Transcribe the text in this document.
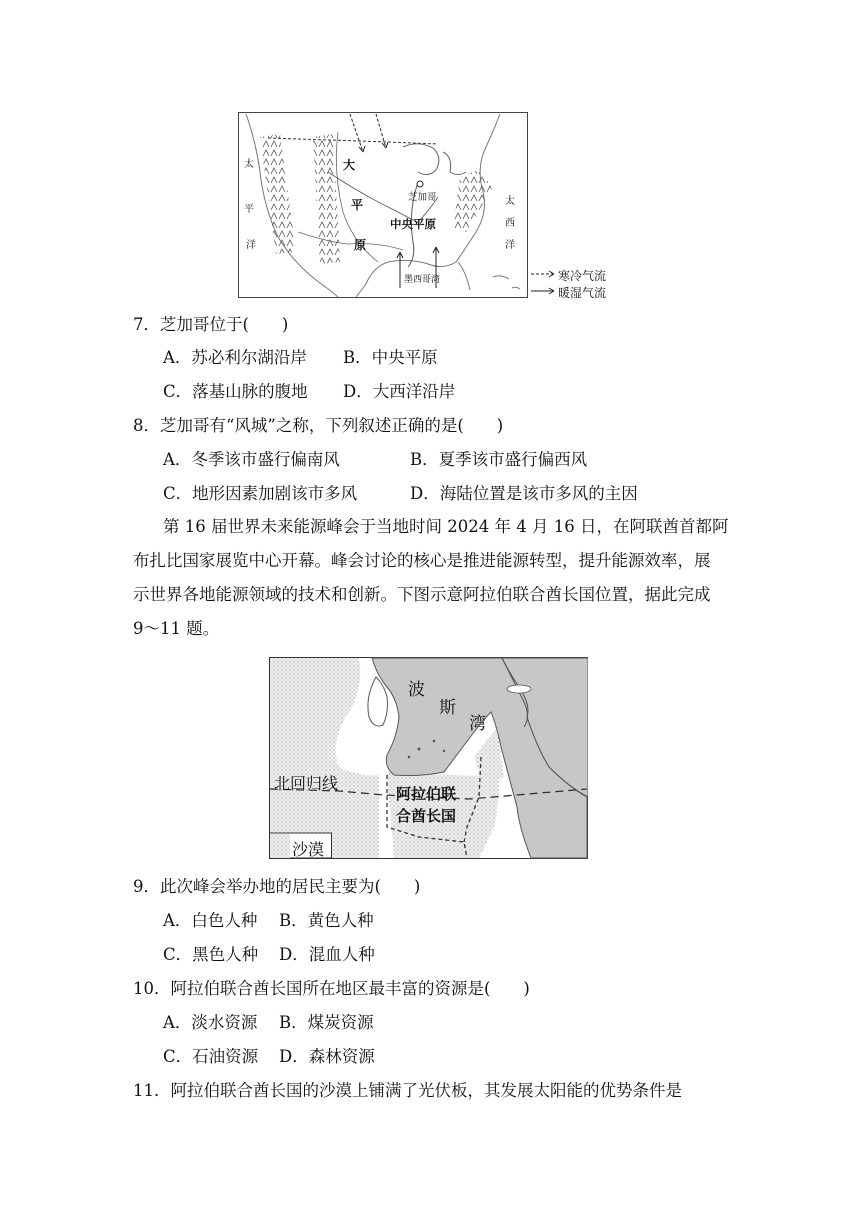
大
平
原
中央平原
芝加哥
墨西哥湾
太
平
洋
太
西
洋
寒冷气流
暖湿气流
7．芝加哥位于(　　)
A．苏必利尔湖沿岸 B．中央平原
C．落基山脉的腹地 D．大西洋沿岸
8．芝加哥有“风城”之称，下列叙述正确的是(　　)
A．冬季该市盛行偏南风	B．夏季该市盛行偏西风
C．地形因素加剧该市多风	D．海陆位置是该市多风的主因
第 16 届世界未来能源峰会于当地时间 2024 年 4 月 16 日，在阿联酋首都阿
布扎比国家展览中心开幕。峰会讨论的核心是推进能源转型，提升能源效率，展
示世界各地能源领域的技术和创新。下图示意阿拉伯联合酋长国位置，据此完成
9～11 题。
波
斯
湾
北回归线
阿拉伯联
合酋长国
沙漠
9．此次峰会举办地的居民主要为(　　)
A．白色人种 B．黄色人种
C．黑色人种 D．混血人种
10．阿拉伯联合酋长国所在地区最丰富的资源是(　　)
A．淡水资源 B．煤炭资源
C．石油资源 D．森林资源
11．阿拉伯联合酋长国的沙漠上铺满了光伏板，其发展太阳能的优势条件是
